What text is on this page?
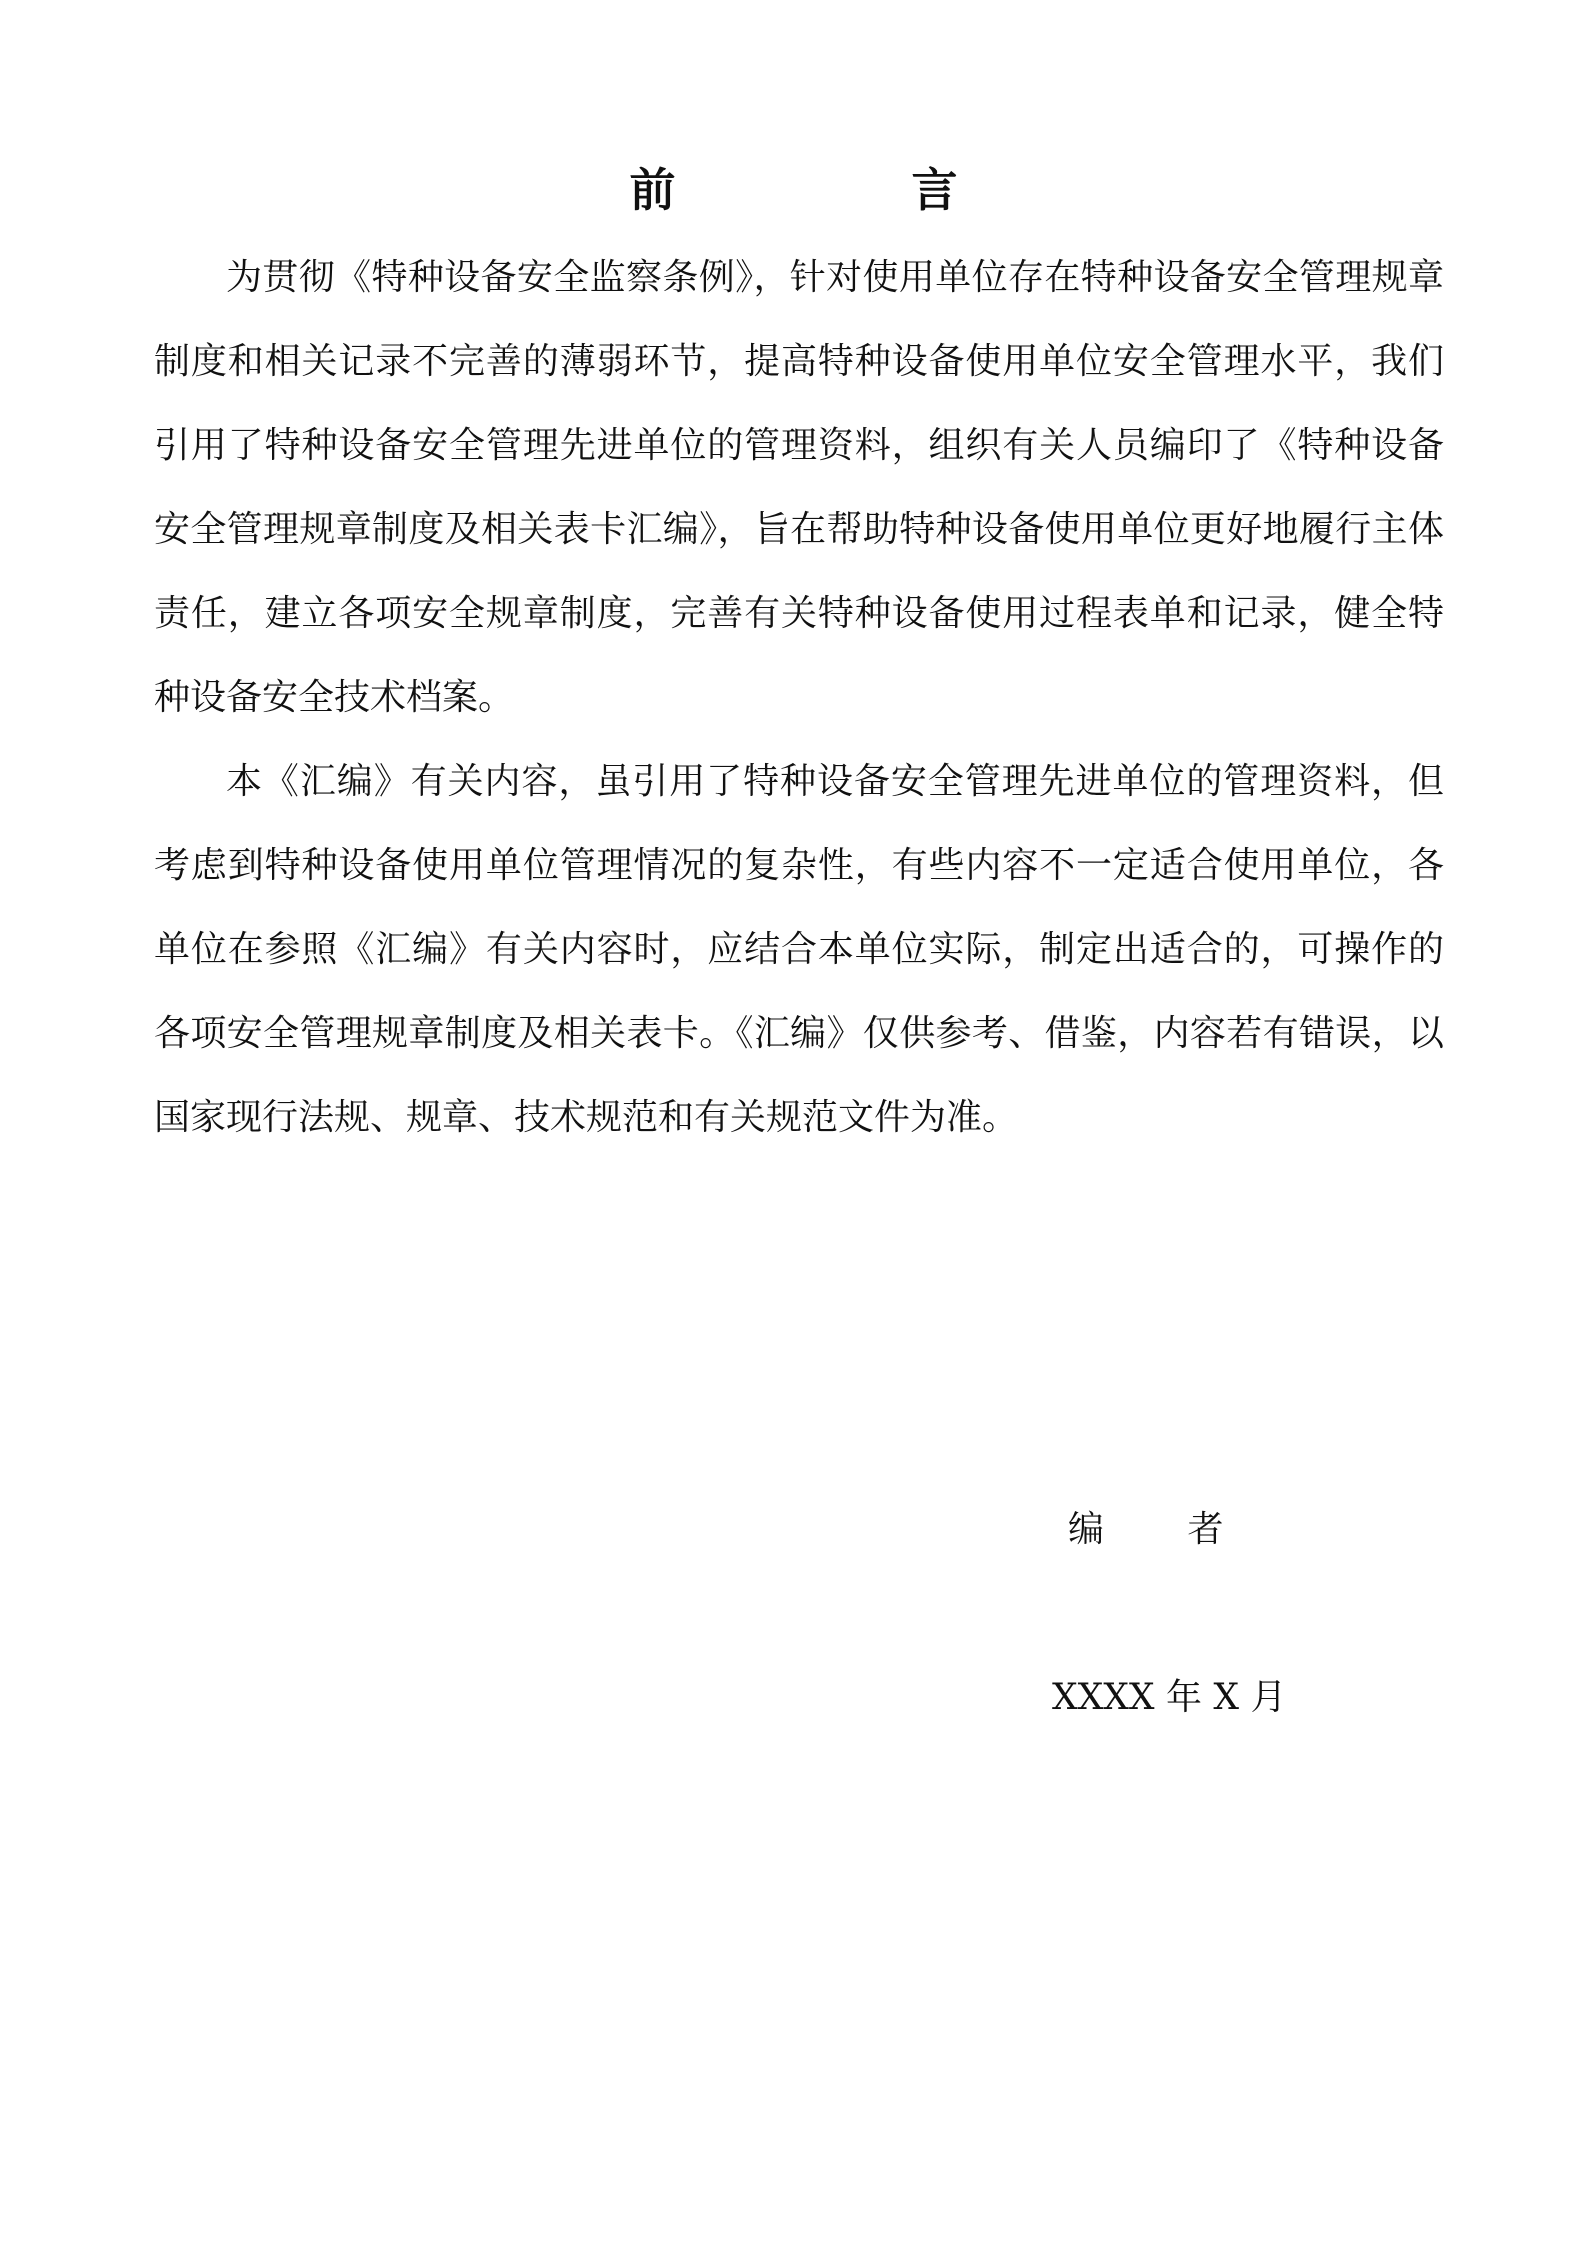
前 言

为贯彻《特种设备安全监察条例》，针对使用单位存在特种设备安全管理规章制度和相关记录不完善的薄弱环节，提高特种设备使用单位安全管理水平，我们引用了特种设备安全管理先进单位的管理资料，组织有关人员编印了《特种设备安全管理规章制度及相关表卡汇编》，旨在帮助特种设备使用单位更好地履行主体责任，建立各项安全规章制度，完善有关特种设备使用过程表单和记录，健全特种设备安全技术档案。

本《汇编》有关内容，虽引用了特种设备安全管理先进单位的管理资料，但考虑到特种设备使用单位管理情况的复杂性，有些内容不一定适合使用单位，各单位在参照《汇编》有关内容时，应结合本单位实际，制定出适合的，可操作的各项安全管理规章制度及相关表卡。《汇编》仅供参考、借鉴，内容若有错误，以国家现行法规、规章、技术规范和有关规范文件为准。

编 者
XXXX 年 X 月
